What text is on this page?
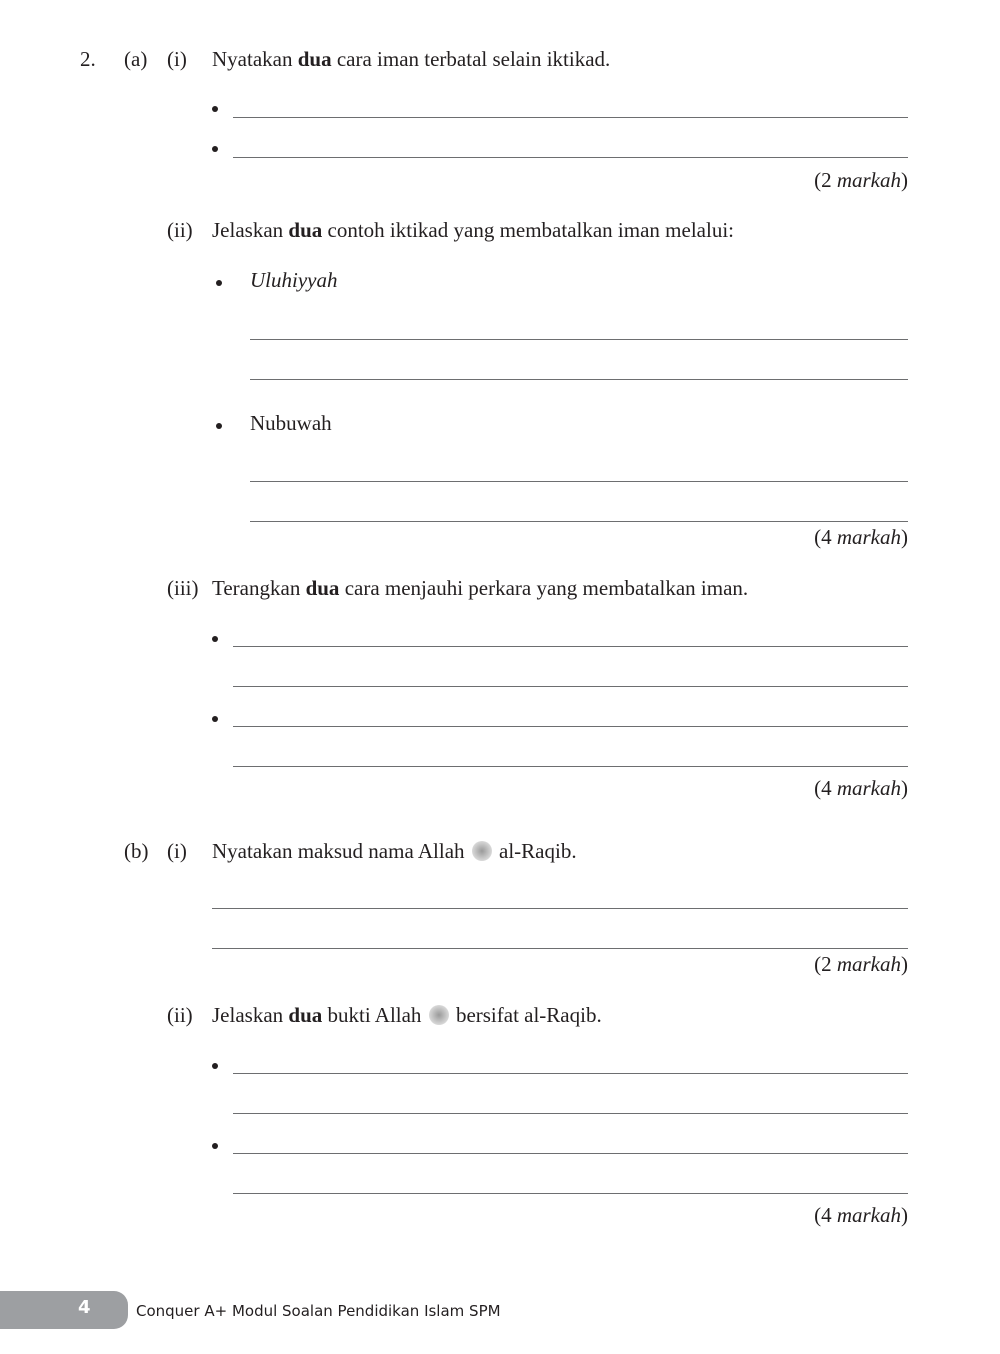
2. (a) (i) Nyatakan dua cara iman terbatal selain iktikad.
(2 markah)
(ii) Jelaskan dua contoh iktikad yang membatalkan iman melalui:
Uluhiyyah
Nubuwah
(4 markah)
(iii) Terangkan dua cara menjauhi perkara yang membatalkan iman.
(4 markah)
(b) (i) Nyatakan maksud nama Allah  al-Raqib.
(2 markah)
(ii) Jelaskan dua bukti Allah  bersifat al-Raqib.
(4 markah)
4	Conquer A+ Modul Soalan Pendidikan Islam SPM
